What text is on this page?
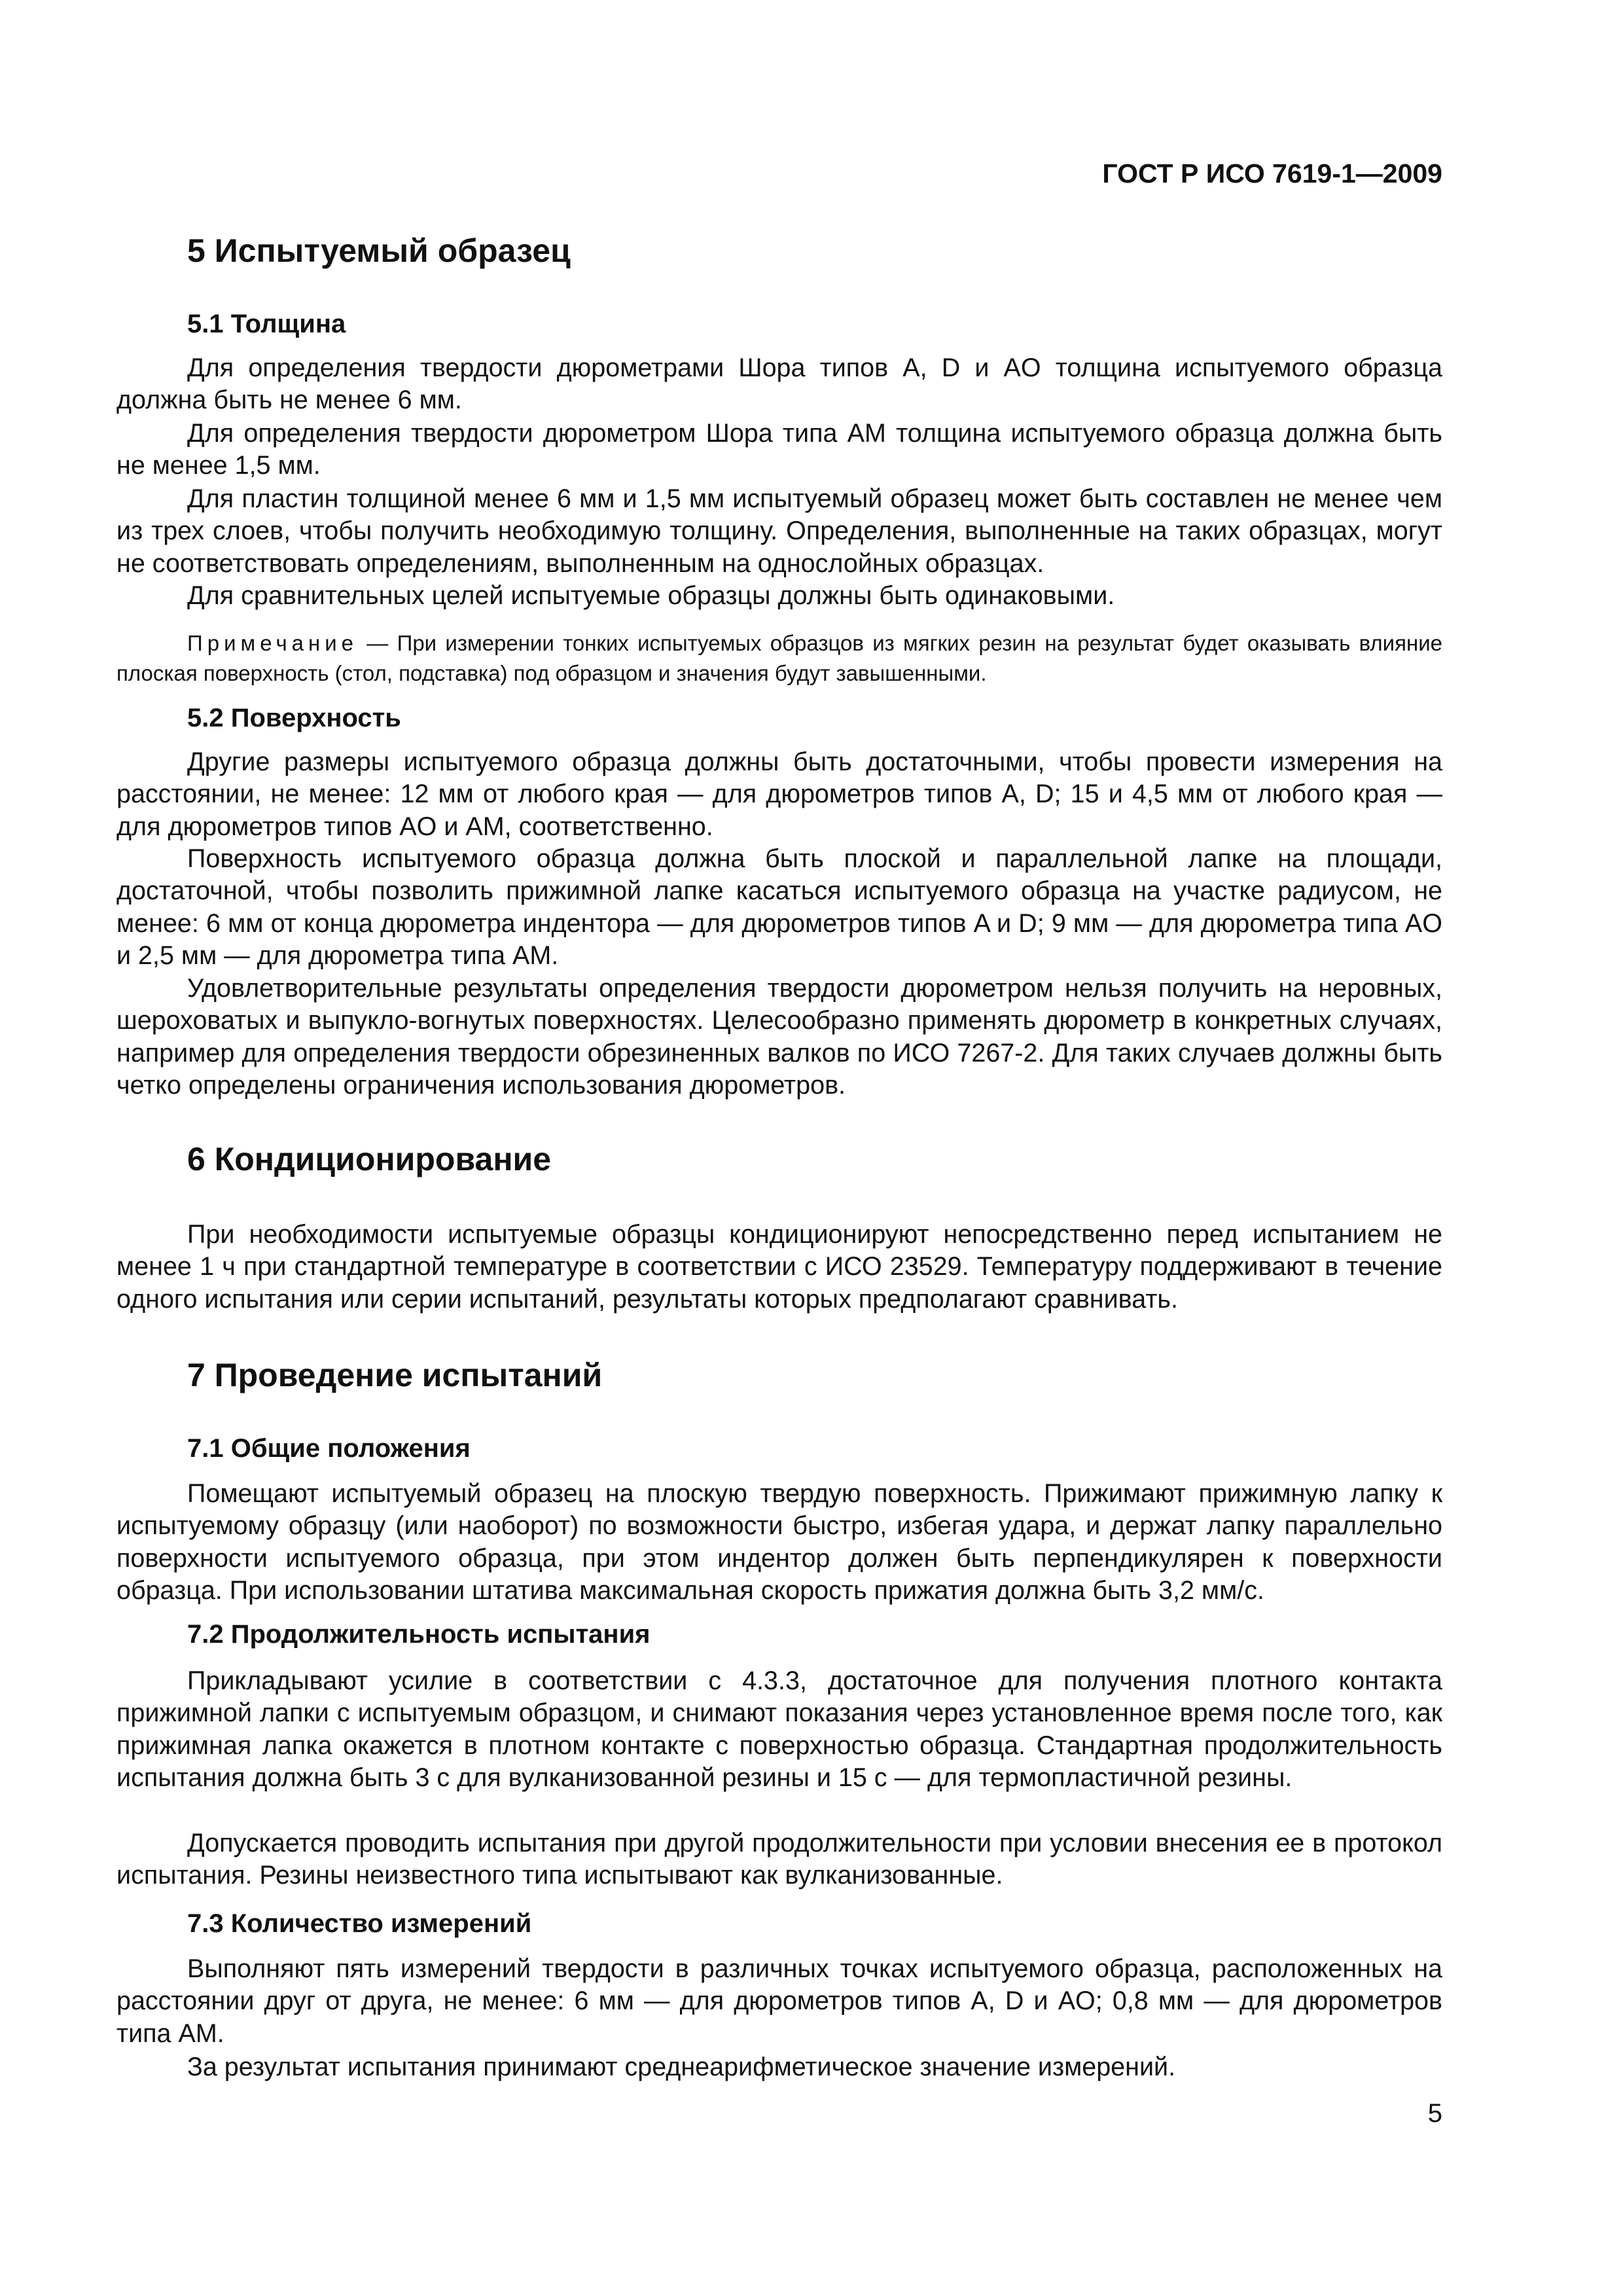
ГОСТ Р ИСО 7619-1—2009
5 Испытуемый образец
5.1 Толщина

Для определения твердости дюрометрами Шора типов A, D и AO толщина испытуемого образца должна быть не менее 6 мм.

Для определения твердости дюрометром Шора типа AM толщина испытуемого образца должна быть не менее 1,5 мм.

Для пластин толщиной менее 6 мм и 1,5 мм испытуемый образец может быть составлен не менее чем из трех слоев, чтобы получить необходимую толщину. Определения, выполненные на таких образцах, могут не соответствовать определениям, выполненным на однослойных образцах.

Для сравнительных целей испытуемые образцы должны быть одинаковыми.

Примечание — При измерении тонких испытуемых образцов из мягких резин на результат будет оказывать влияние плоская поверхность (стол, подставка) под образцом и значения будут завышенными.

5.2 Поверхность

Другие размеры испытуемого образца должны быть достаточными, чтобы провести измерения на расстоянии, не менее: 12 мм от любого края — для дюрометров типов A, D; 15 и 4,5 мм от любого края — для дюрометров типов AO и AM, соответственно.

Поверхность испытуемого образца должна быть плоской и параллельной лапке на площади, достаточной, чтобы позволить прижимной лапке касаться испытуемого образца на участке радиусом, не менее: 6 мм от конца дюрометра индентора — для дюрометров типов A и D; 9 мм — для дюрометра типа AO и 2,5 мм — для дюрометра типа AM.

Удовлетворительные результаты определения твердости дюрометром нельзя получить на неровных, шероховатых и выпукло-вогнутых поверхностях. Целесообразно применять дюрометр в конкретных случаях, например для определения твердости обрезиненных валков по ИСО 7267-2. Для таких случаев должны быть четко определены ограничения использования дюрометров.

6 Кондиционирование

При необходимости испытуемые образцы кондиционируют непосредственно перед испытанием не менее 1 ч при стандартной температуре в соответствии с ИСО 23529. Температуру поддерживают в течение одного испытания или серии испытаний, результаты которых предполагают сравнивать.

7 Проведение испытаний
7.1 Общие положения

Помещают испытуемый образец на плоскую твердую поверхность. Прижимают прижимную лапку к испытуемому образцу (или наоборот) по возможности быстро, избегая удара, и держат лапку параллельно поверхности испытуемого образца, при этом индентор должен быть перпендикулярен к поверхности образца. При использовании штатива максимальная скорость прижатия должна быть 3,2 мм/с.

7.2 Продолжительность испытания

Прикладывают усилие в соответствии с 4.3.3, достаточное для получения плотного контакта прижимной лапки с испытуемым образцом, и снимают показания через установленное время после того, как прижимная лапка окажется в плотном контакте с поверхностью образца. Стандартная продолжительность испытания должна быть 3 с для вулканизованной резины и 15 с — для термопластичной резины.

Допускается проводить испытания при другой продолжительности при условии внесения ее в протокол испытания. Резины неизвестного типа испытывают как вулканизованные.

7.3 Количество измерений

Выполняют пять измерений твердости в различных точках испытуемого образца, расположенных на расстоянии друг от друга, не менее: 6 мм — для дюрометров типов A, D и AO; 0,8 мм — для дюрометров типа AM.

За результат испытания принимают среднеарифметическое значение измерений.

5
